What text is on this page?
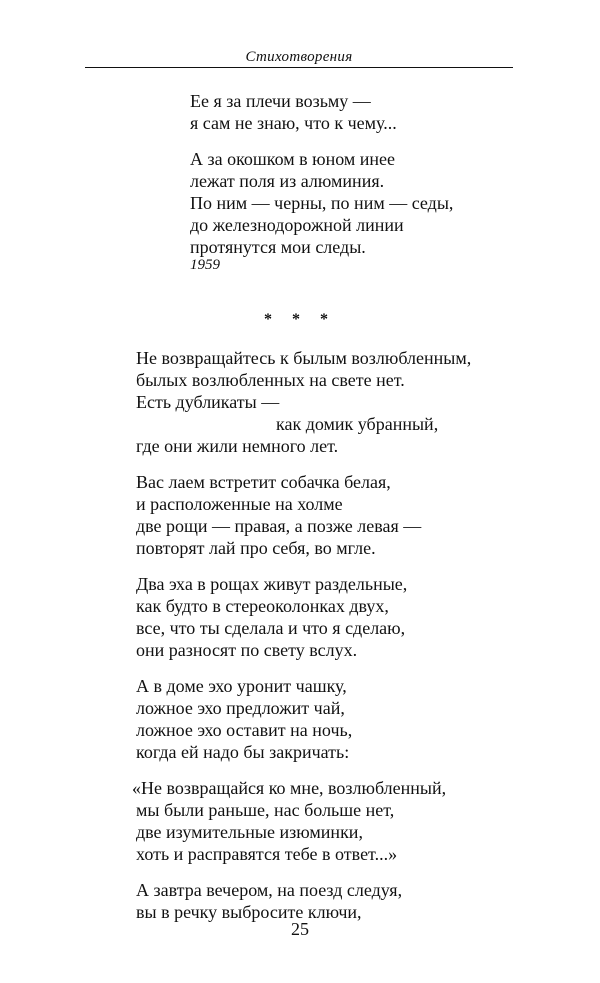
Стихотворения
Ее я за плечи возьму —
я сам не знаю, что к чему...
А за окошком в юном инее
лежат поля из алюминия.
По ним — черны, по ним — седы,
до железнодорожной линии
протянутся мои следы.
1959
* * *
Не возвращайтесь к былым возлюбленным,
былых возлюбленных на свете нет.
Есть дубликаты —
как домик убранный,
где они жили немного лет.
Вас лаем встретит собачка белая,
и расположенные на холме
две рощи — правая, а позже левая —
повторят лай про себя, во мгле.
Два эха в рощах живут раздельные,
как будто в стереоколонках двух,
все, что ты сделала и что я сделаю,
они разносят по свету вслух.
А в доме эхо уронит чашку,
ложное эхо предложит чай,
ложное эхо оставит на ночь,
когда ей надо бы закричать:
«Не возвращайся ко мне, возлюбленный,
мы были раньше, нас больше нет,
две изумительные изюминки,
хоть и расправятся тебе в ответ...»
А завтра вечером, на поезд следуя,
вы в речку выбросите ключи,
25
